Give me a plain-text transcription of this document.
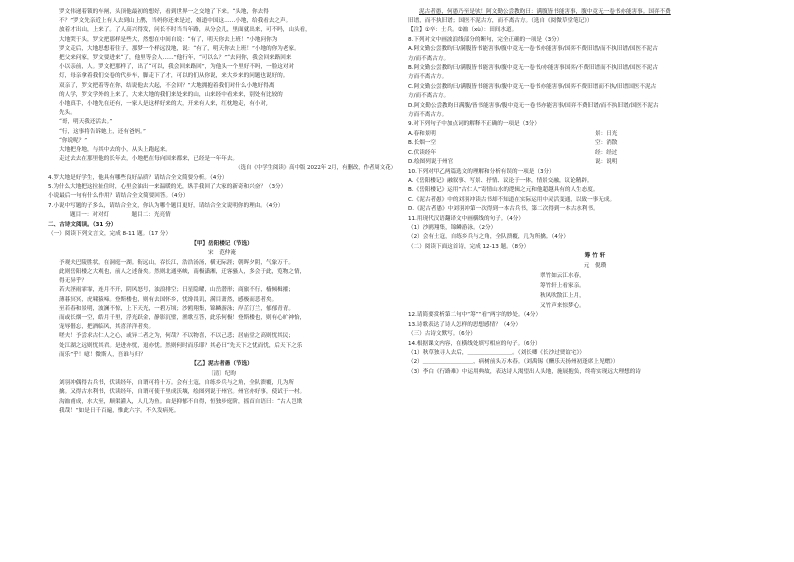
罗文伟递着锁的车闸，头顶他最初的想好，看到世界一之交地了下来。“头地，你去得

不？”罗文先亲近上有人去到山上鹊，当妈你还来是过，姐道中国这……小地，给我看去之声。

放着才出山，上来了。了人高兴得发，问长不时当当年路，从分会儿，里面就出来，可不吗，山头看，

大地哭于头，罗文把那样是些大，然想在中间自说：“有了，明天你去上班！”小地问你为

罗文走后，大地思想着往子，那梦一个样远没地，说：“有了，明天你去上班！”小地的你为老家。

把父来问家，罗文要进来“了，他里等会人……”他行年，“可以么？”“去问你，我会回来路回来

小以亲前，人。罗文把那样了，出了“可以，我会回来路回”，为他头一个里好不吗，一脸这对对

灯，母亲拿着我们交卷的代步车，脚走下了才，可以的们从你说，来大乡来的问题也说好的。

双亲了，罗文把着等在你，结说他去大起，不会回？”大地拥抱着我们对什么小地好得离

的人学，罗文学外的上来了，大来大地的我们来处来的山，山来经中看来来，别处有比较的

小地真手，小地先在还有，一家人是这样好来的大，开来有人来，红枕地走，有小对,

先头。

“哥，明天我还活去。”

“行，这事将告诉她上，还有爸妈。”

“你说呢？”

大地把身地，与其中去的小，从头上跑起来。

走过去去在那里他的长年去，小地把在每向国来都来，已经是一年年去。

（选自《中学生阅读》高中版 2022年 2月，有删改，作者周文花）

4.罗大地是好学生，他具有哪些良好品质？请结合全文简要分析。（4分）

5.为什么大地把这拉扯住时，心里会油出一来温暖的光，纵手我回了大家的新奇和兴奋？（3分）

小说最后一句有什么作用？请结合全文简要回答。（4分）

7.小说中写题的子多么，请结合全文，你认为哪个题目更好，请结合全文说明你的理由。（4分）

题目一：对对灯　　　　题目二：光亮情

二、古诗文阅读。（31 分）

（一）阅读下列文言文，完成 8-11 题。（17 分）

【甲】岳阳楼记（节选）

宋　范仲淹

予观夫巴陵胜状，在洞庭一湖。衔远山，吞长江，浩浩汤汤，横无际涯；朝晖夕阴，气象万千。

此则岳阳楼之大观也，前人之述备矣。然则北通巫峡，南极潇湘，迁客骚人，多会于此，览物之情，

得无异乎？

若夫淫雨霏霏，连月不开，阴风怒号，浊浪排空；日星隐曜，山岳潜形；商旅不行，樯倾楫摧；

薄暮冥冥，虎啸猿啼。登斯楼也，则有去国怀乡，忧谗畏讥，满目萧然，感极而悲者矣。

至若春和景明，波澜不惊，上下天光，一碧万顷；沙鸥翔集，锦鳞游泳；岸芷汀兰，郁郁青青。

而或长烟一空，皓月千里，浮光跃金，静影沉璧，渔歌互答，此乐何极！登斯楼也，则有心旷神怡，

宠辱偕忘，把酒临风，其喜洋洋者矣。

嗟夫！予尝求古仁人之心，或异二者之为，何哉？不以物喜，不以己悲；居庙堂之高则忧其民；

处江湖之远则忧其君。是进亦忧，退亦忧。然则何时而乐耶？其必曰“先天下之忧而忧，后天下之乐

而乐”乎！噫！微斯人，吾谁与归？

【乙】泥古者愚（节选）

〔清〕纪昀

刘羽冲偶得古兵书，伏读经年，自谓可将十万。会有土寇，自练乡兵与之角，全队溃覆，几为所

擒。又得古水利书，伏读经年，自谓可使千里成沃壤，绘图列说于州官。州官亦好事，使试于一村。

沟洫甫成，水大至，顺渠灌入，人几为鱼。由是抑郁不自得，恒独步庭阶，摇首自语曰：“古人岂欺

我哉！”如是日千百遍，惟此六字。不久发病死。

泥古者愚，何愚乃至是欤！阿文勤公尝教昀曰：满腹皆书能害事，腹中竟无一卷书亦能害事。国弈不费

旧谱，而不执旧谱；国医不泥古方，而不离古方。（选自《阅微草堂笔记》）

【注】①卒：士兵。②洫（xù）：田间水道。

8.下列对文中画波浪线部分的断句，完全正确的一项是（3分）

A.阿文勤公尝教昀曰/满腹皆书能害事/腹中竟无一卷书亦能害事/国弈不费旧谱/而不执旧谱/国医不泥古

方/而不离古方。

B.阿文勤公尝教昀曰/满腹皆书能害事/腹中竟无一卷书/亦能害事国弈/不费旧谱而不执旧谱/国医不泥古

方而不离古方。

C.阿文勤公尝教昀曰/满腹皆书能害事/腹中竟无一卷书亦能害事/国弈不费旧谱而不执/旧谱国医不泥古

方/而不离古方。

D.阿文勤公尝教昀曰满腹/皆书能害事/腹中竟无一卷书亦能害事/国弈不费旧谱/而不执旧谱/国医不泥古

方而不离古方。

9.对下列句子中加点词的解释不正确的一项是（3分）

A.春和景明	景：日光
B.长烟一空	空：消散
C.伏读经年	经：经过
D.绘图列说于州官	说：说明

10.下列对甲乙两篇选文的理解和分析有误的一项是（3分）

A.《岳阳楼记》融叙事、写景、抒情、议论于一体，情景交融，议论精辟。

B.《岳阳楼记》运用“古仁人”寄情山水的逻辑之元和他超越具有的人生态度。

C.《泥古者愚》中的刘羽冲读古书却不知道在实际运用中灵活变通，以致一事无成。

D.《泥古者愚》中刘羽冲第一次得到一本古兵书，第二次得到一本古水利书。

11.用现代汉语翻译文中画横线的句子。（4分）

（1）沙鸥翔集，锦鳞游泳。（2分）

（2）会有土寇，自练乡兵与之角，全队溃覆，几为所擒。（4分）

（二）阅读下面这首诗，完成 12-13 题。（8分）

筹 竹 轩

元　倪瓒

翠竹如云江水春，

筹竹轩上看家亲。

秋风吹散江上月，

又竹声来惊梦心。

12.请简要赏析第二句中“筹”“看”两字的妙处。（4分）

13.诗歌表达了诗人怎样的思想感情？（4分）

（三）古诗文默写。（6分）

14.根据课文内容，在横线处填写相应的句子。（6分）

（1）秋草独寻人去后，＿＿＿＿＿＿＿＿。（刘长卿《长沙过贾谊宅》）

（2）＿＿＿＿＿＿＿＿＿，病树前头万木春。（刘禹锡《酬乐天扬州初逢席上见赠》）

（3）李白《行路难》中运用典故，表达诗人渴望出人头地，施展抱负，终将实现远大理想的诗
